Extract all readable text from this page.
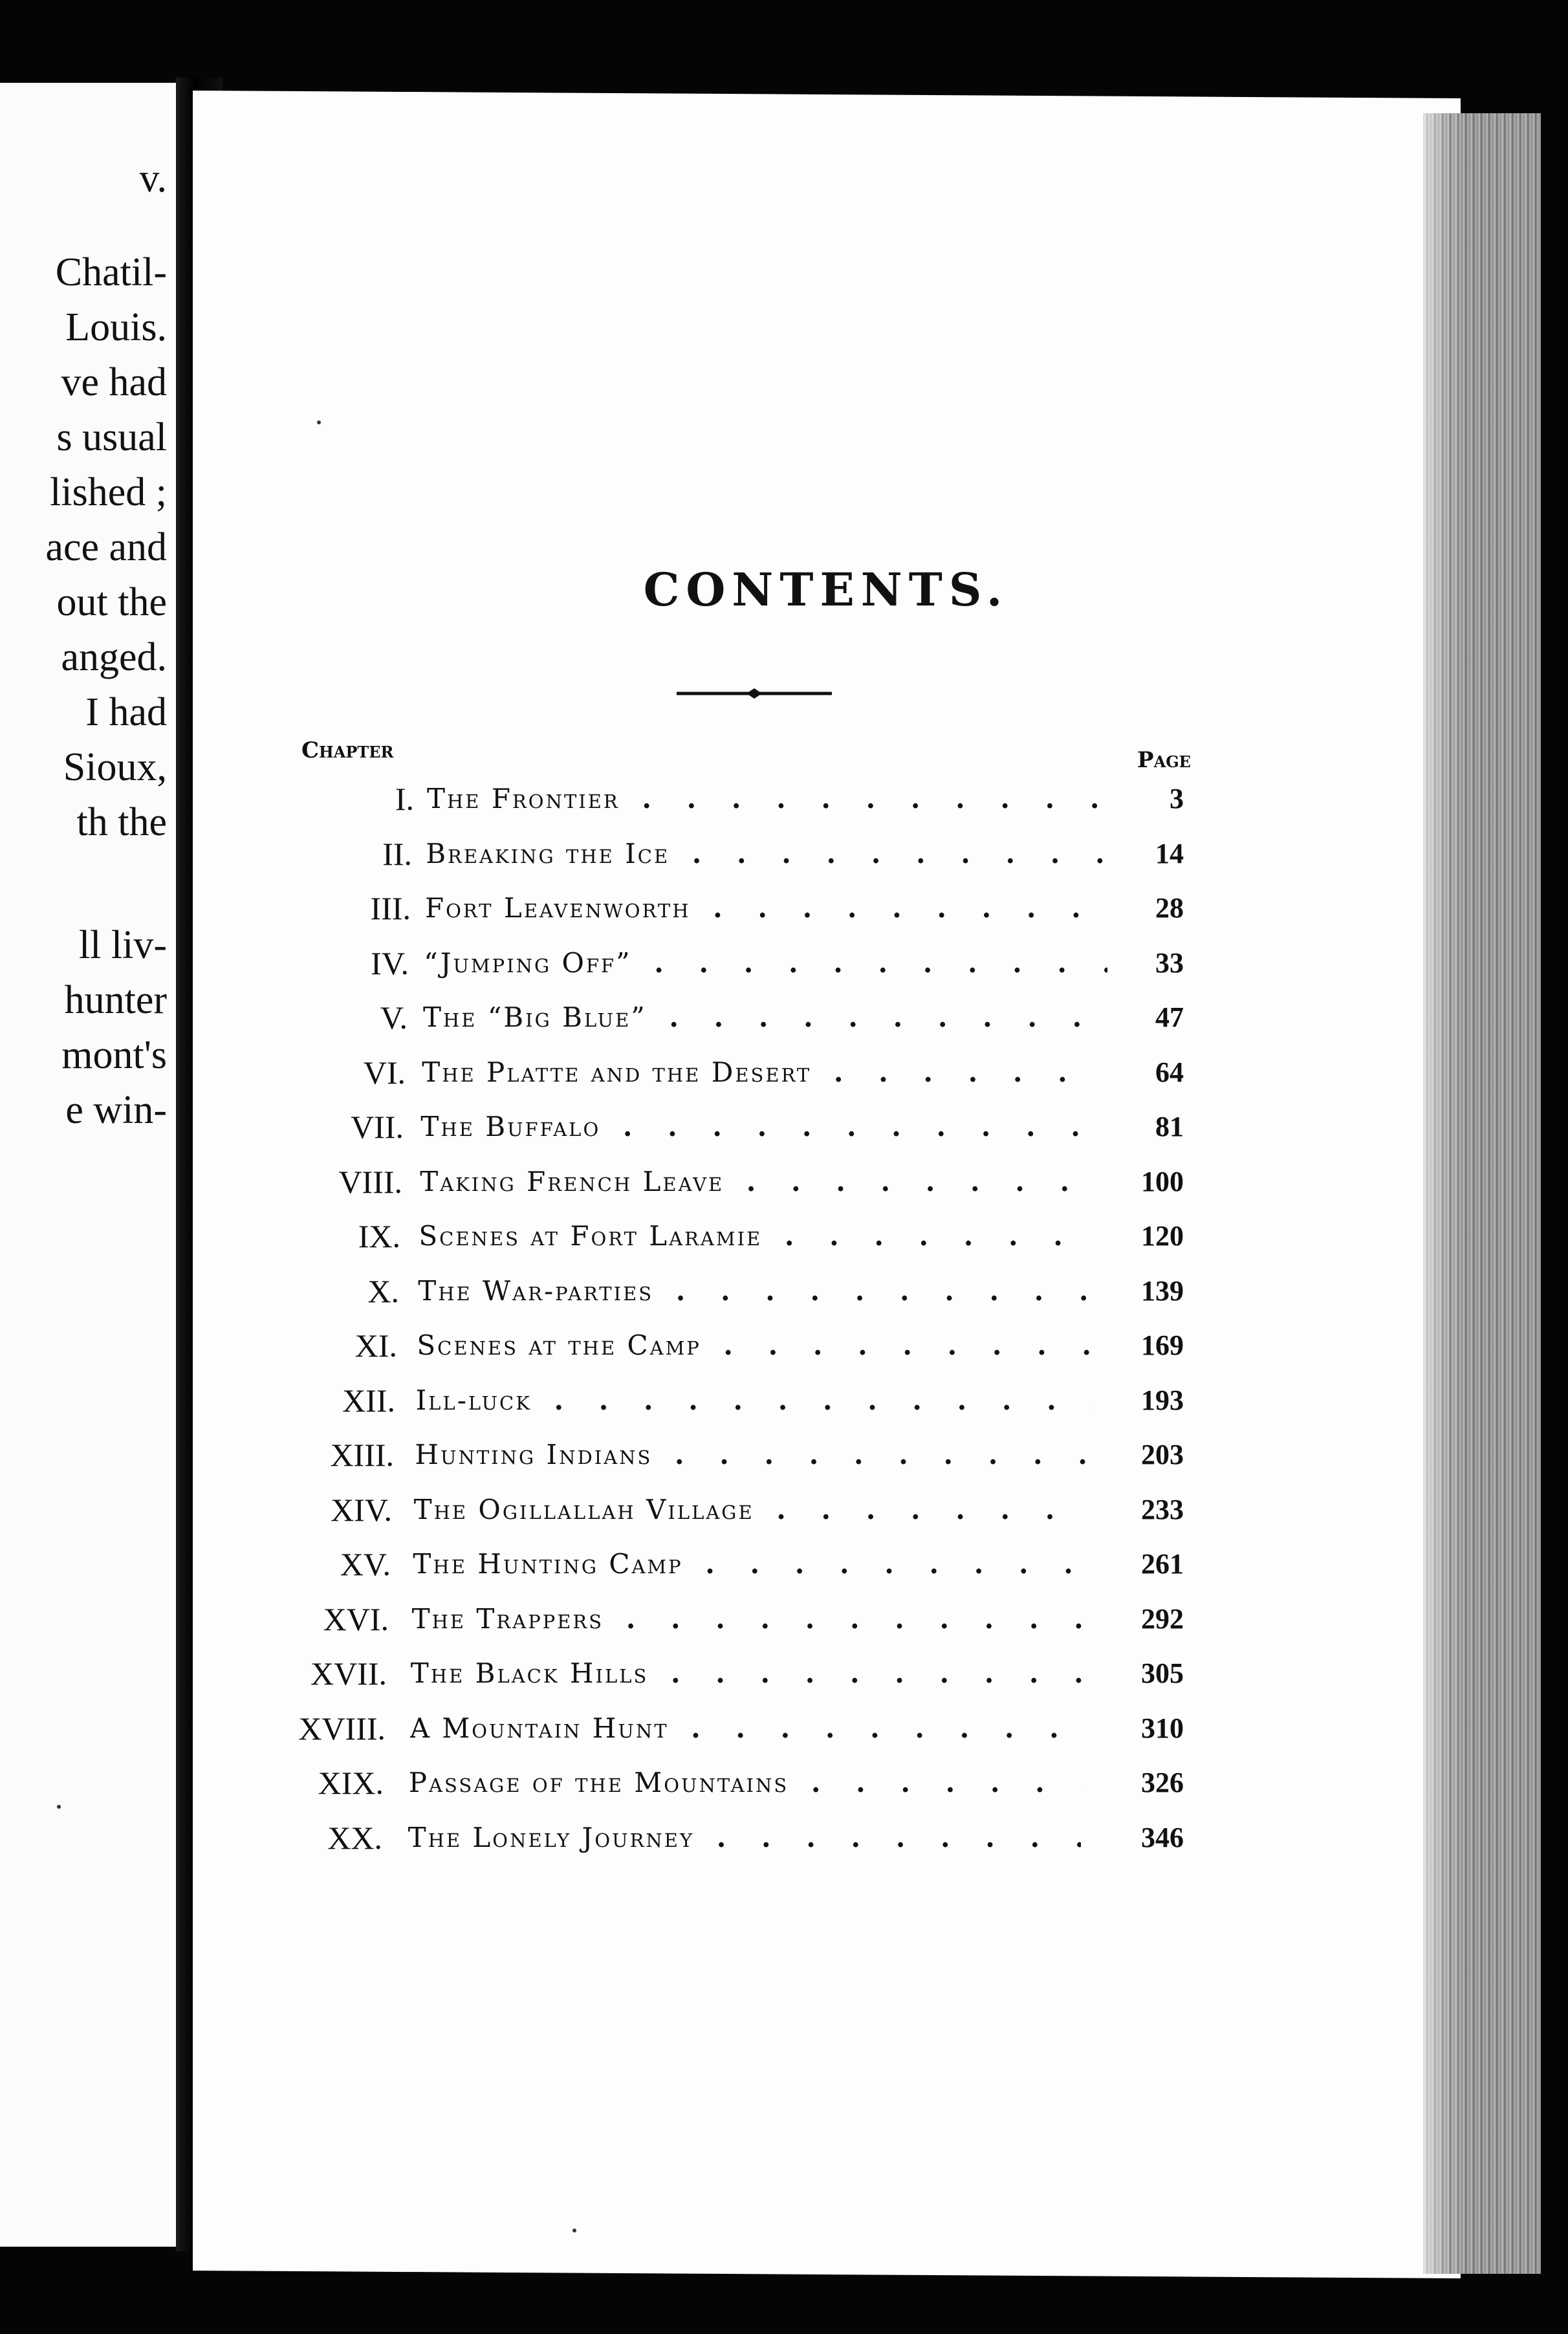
v.
Chatil-
Louis.
ve had
s usual
lished ;
ace and
out the
anged.
I had
Sioux,
th the
ll liv-
hunter
mont's
e win-
CONTENTS.
Chapter	Page
I. The Frontier . . .	3
II. Breaking the Ice . . .	14
III. Fort Leavenworth . . .	28
IV. “Jumping Off” . . .	33
V. The “Big Blue” . . .	47
VI. The Platte and the Desert . . .	64
VII. The Buffalo . . .	81
VIII. Taking French Leave . . .	100
IX. Scenes at Fort Laramie . . .	120
X. The War-parties . . .	139
XI. Scenes at the Camp . . .	169
XII. Ill-luck . . .	193
XIII. Hunting Indians . . .	203
XIV. The Ogillallah Village . . .	233
XV. The Hunting Camp . . .	261
XVI. The Trappers . . .	292
XVII. The Black Hills . . .	305
XVIII. A Mountain Hunt . . .	310
XIX. Passage of the Mountains . . .	326
XX. The Lonely Journey . . .	346
